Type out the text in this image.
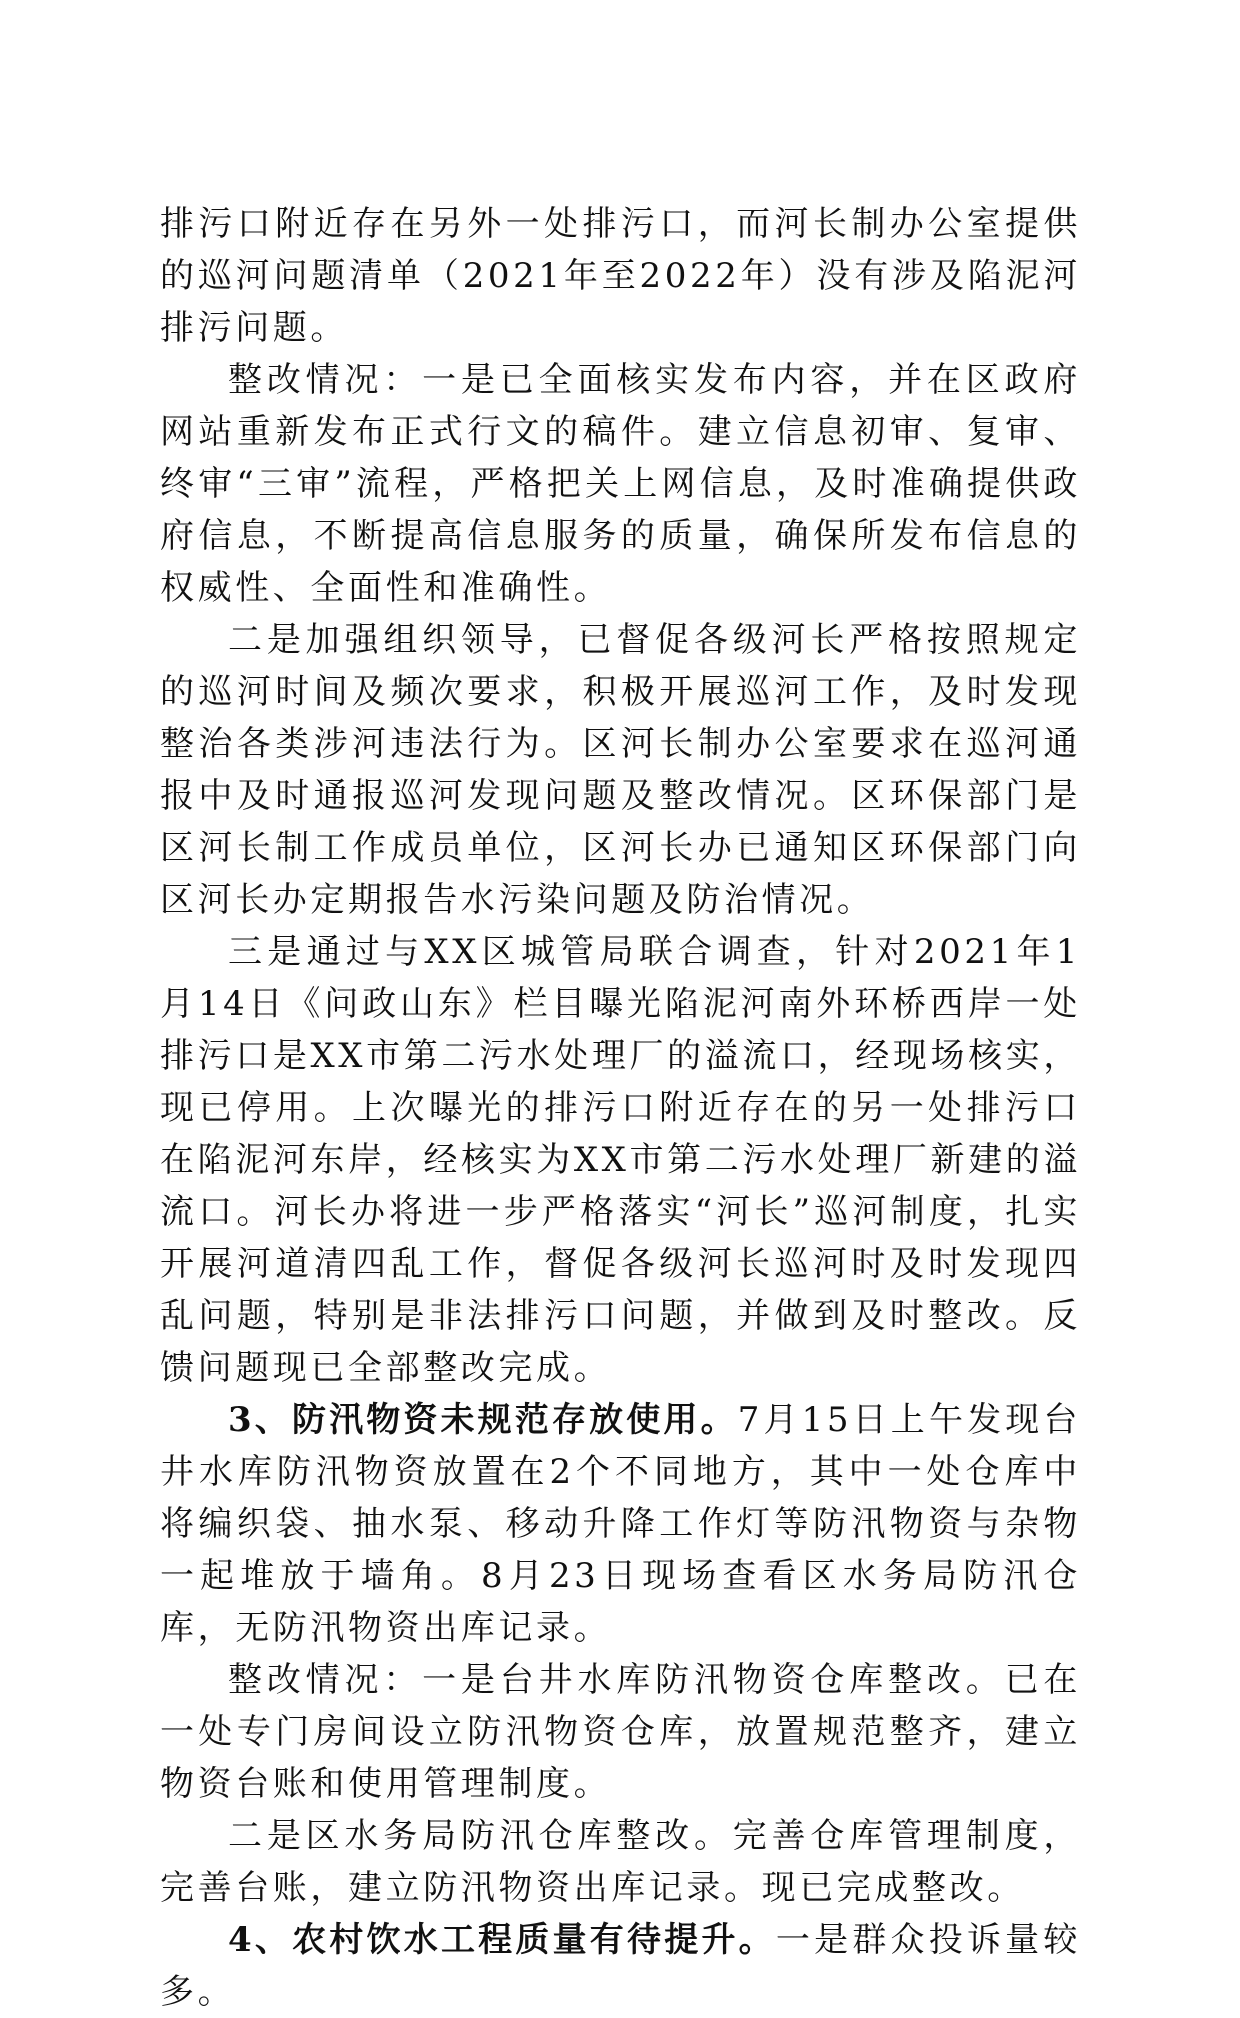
排污口附近存在另外一处排污口，而河长制办公室提供的巡河问题清单（2021年至2022年）没有涉及陷泥河排污问题。

整改情况：一是已全面核实发布内容，并在区政府网站重新发布正式行文的稿件。建立信息初审、复审、终审“三审”流程，严格把关上网信息，及时准确提供政府信息，不断提高信息服务的质量，确保所发布信息的权威性、全面性和准确性。

二是加强组织领导，已督促各级河长严格按照规定的巡河时间及频次要求，积极开展巡河工作，及时发现整治各类涉河违法行为。区河长制办公室要求在巡河通报中及时通报巡河发现问题及整改情况。区环保部门是区河长制工作成员单位，区河长办已通知区环保部门向区河长办定期报告水污染问题及防治情况。

三是通过与XX区城管局联合调查，针对2021年1月14日《问政山东》栏目曝光陷泥河南外环桥西岸一处排污口是XX市第二污水处理厂的溢流口，经现场核实，现已停用。上次曝光的排污口附近存在的另一处排污口在陷泥河东岸，经核实为XX市第二污水处理厂新建的溢流口。河长办将进一步严格落实“河长”巡河制度，扎实开展河道清四乱工作，督促各级河长巡河时及时发现四乱问题，特别是非法排污口问题，并做到及时整改。反馈问题现已全部整改完成。

3、防汛物资未规范存放使用。7月15日上午发现台井水库防汛物资放置在2个不同地方，其中一处仓库中将编织袋、抽水泵、移动升降工作灯等防汛物资与杂物一起堆放于墙角。8月23日现场查看区水务局防汛仓库，无防汛物资出库记录。

整改情况：一是台井水库防汛物资仓库整改。已在一处专门房间设立防汛物资仓库，放置规范整齐，建立物资台账和使用管理制度。

二是区水务局防汛仓库整改。完善仓库管理制度，完善台账，建立防汛物资出库记录。现已完成整改。

4、农村饮水工程质量有待提升。一是群众投诉量较多。
